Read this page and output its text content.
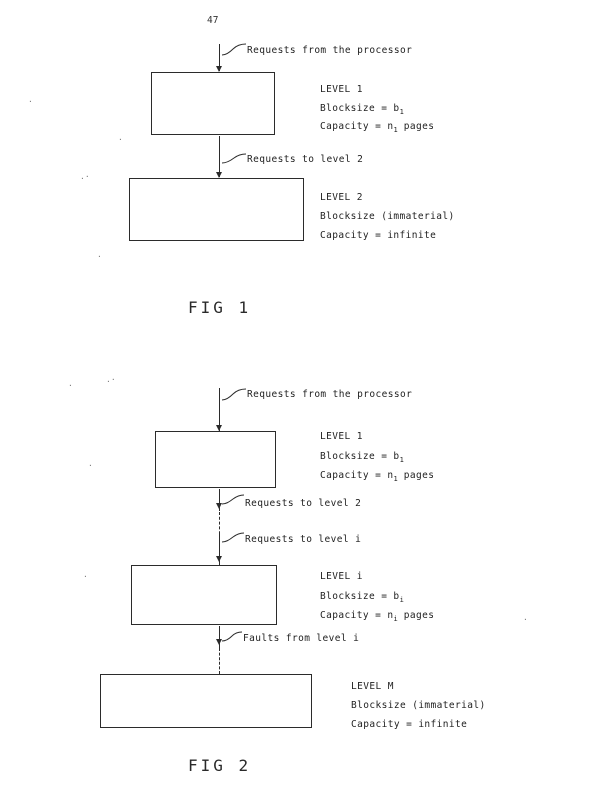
47
.
.·
.
.
·
.·
.
.
.
Requests from the processor
LEVEL 1
Blocksize = $b_1$
Capacity = $n_1$ pages
Requests to level 2
LEVEL 2
Blocksize (immaterial)
Capacity = infinite
FIG 1
Requests from the processor
LEVEL 1
Blocksize = $b_1$
Capacity = $n_1$ pages
Requests to level 2
Requests to level i
LEVEL i
Blocksize = $b_i$
Capacity = $n_i$ pages
Faults from level i
LEVEL M
Blocksize (immaterial)
Capacity = infinite
FIG 2
